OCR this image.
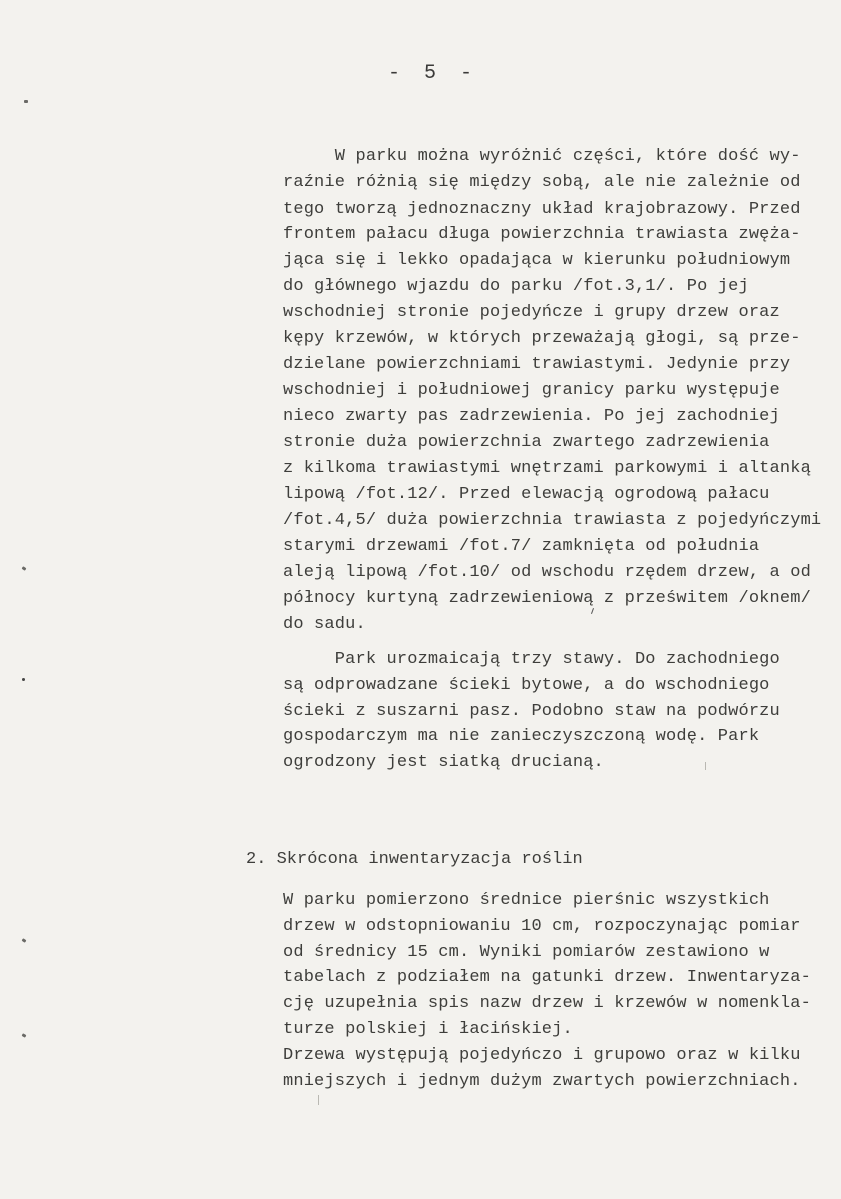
- 5 -
W parku można wyróżnić części, które dość wy-
raźnie różnią się między sobą, ale nie zależnie od
tego tworzą jednoznaczny układ krajobrazowy. Przed
frontem pałacu długa powierzchnia trawiasta zwęża-
jąca się i lekko opadająca w kierunku południowym
do głównego wjazdu do parku /fot.3,1/. Po jej
wschodniej stronie pojedyńcze i grupy drzew oraz
kępy krzewów, w których przeważają głogi, są prze-
dzielane powierzchniami trawiastymi. Jedynie przy
wschodniej i południowej granicy parku występuje
nieco zwarty pas zadrzewienia. Po jej zachodniej
stronie duża powierzchnia zwartego zadrzewienia
z kilkoma trawiastymi wnętrzami parkowymi i altanką
lipową /fot.12/. Przed elewacją ogrodową pałacu
/fot.4,5/ duża powierzchnia trawiasta z pojedyńczymi
starymi drzewami /fot.7/ zamknięta od południa
aleją lipową /fot.10/ od wschodu rzędem drzew, a od
północy kurtyną zadrzewieniową z prześwitem /oknem/
do sadu.
Park urozmaicają trzy stawy. Do zachodniego
są odprowadzane ścieki bytowe, a do wschodniego
ścieki z suszarni pasz. Podobno staw na podwórzu
gospodarczym ma nie zanieczyszczoną wodę. Park
ogrodzony jest siatką drucianą.
2. Skrócona inwentaryzacja roślin
W parku pomierzono średnice pierśnic wszystkich
drzew w odstopniowaniu 10 cm, rozpoczynając pomiar
od średnicy 15 cm. Wyniki pomiarów zestawiono w
tabelach z podziałem na gatunki drzew. Inwentaryza-
cję uzupełnia spis nazw drzew i krzewów w nomenkla-
turze polskiej i łacińskiej.
Drzewa występują pojedyńczo i grupowo oraz w kilku
mniejszych i jednym dużym zwartych powierzchniach.
